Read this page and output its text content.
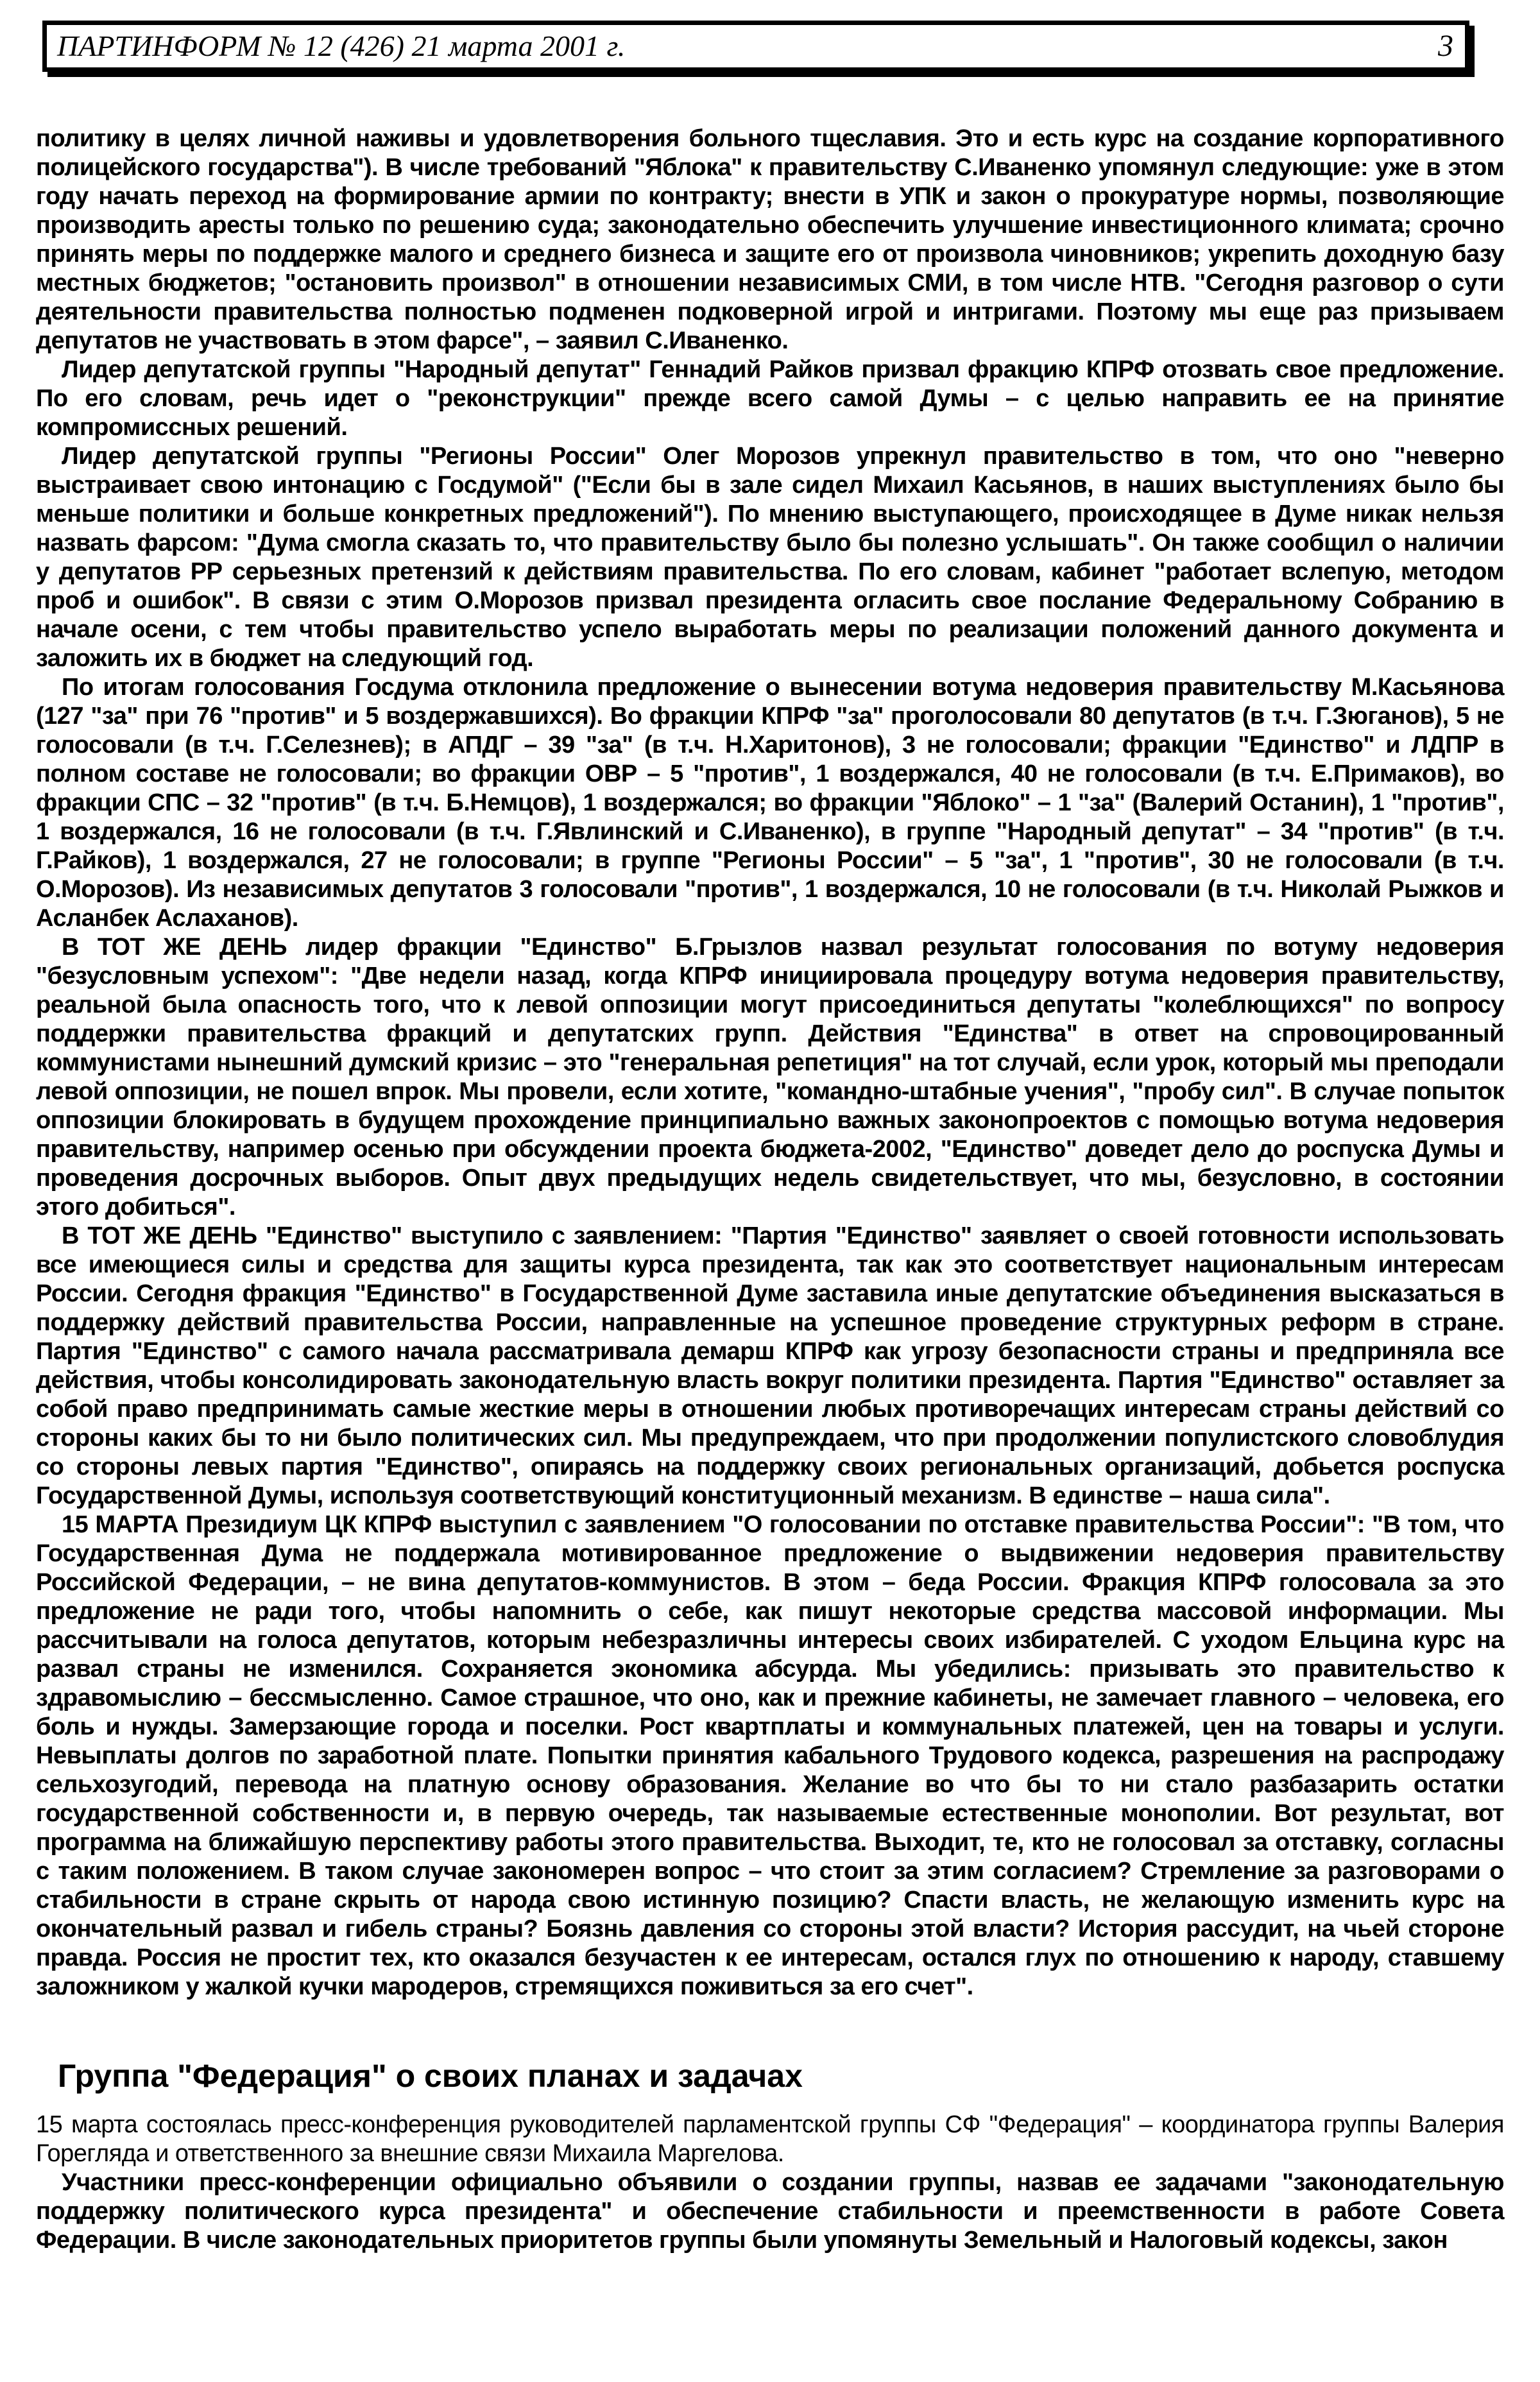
ПАРТИНФОРМ № 12 (426) 21 марта 2001 г.	3

политику в целях личной наживы и удовлетворения больного тщеславия. Это и есть курс на создание корпоративного полицейского государства"). В числе требований "Яблока" к правительству С.Иваненко упомянул следующие: уже в этом году начать переход на формирование армии по контракту; внести в УПК и закон о прокуратуре нормы, позволяющие производить аресты только по решению суда; законодательно обеспечить улучшение инвестиционного климата; срочно принять меры по поддержке малого и среднего бизнеса и защите его от произвола чиновников; укрепить доходную базу местных бюджетов; "остановить произвол" в отношении независимых СМИ, в том числе НТВ. "Сегодня разговор о сути деятельности правительства полностью подменен подковерной игрой и интригами. Поэтому мы еще раз призываем депутатов не участвовать в этом фарсе", – заявил С.Иваненко.

Лидер депутатской группы "Народный депутат" Геннадий Райков призвал фракцию КПРФ отозвать свое предложение. По его словам, речь идет о "реконструкции" прежде всего самой Думы – с целью направить ее на принятие компромиссных решений.

Лидер депутатской группы "Регионы России" Олег Морозов упрекнул правительство в том, что оно "неверно выстраивает свою интонацию с Госдумой" ("Если бы в зале сидел Михаил Касьянов, в наших выступлениях было бы меньше политики и больше конкретных предложений"). По мнению выступающего, происходящее в Думе никак нельзя назвать фарсом: "Дума смогла сказать то, что правительству было бы полезно услышать". Он также сообщил о наличии у депутатов РР серьезных претензий к действиям правительства. По его словам, кабинет "работает вслепую, методом проб и ошибок". В связи с этим О.Морозов призвал президента огласить свое послание Федеральному Собранию в начале осени, с тем чтобы правительство успело выработать меры по реализации положений данного документа и заложить их в бюджет на следующий год.

По итогам голосования Госдума отклонила предложение о вынесении вотума недоверия правительству М.Касьянова (127 "за" при 76 "против" и 5 воздержавшихся). Во фракции КПРФ "за" проголосовали 80 депутатов (в т.ч. Г.Зюганов), 5 не голосовали (в т.ч. Г.Селезнев); в АПДГ – 39 "за" (в т.ч. Н.Харитонов), 3 не голосовали; фракции "Единство" и ЛДПР в полном составе не голосовали; во фракции ОВР – 5 "против", 1 воздержался, 40 не голосовали (в т.ч. Е.Примаков), во фракции СПС – 32 "против" (в т.ч. Б.Немцов), 1 воздержался; во фракции "Яблоко" – 1 "за" (Валерий Останин), 1 "против", 1 воздержался, 16 не голосовали (в т.ч. Г.Явлинский и С.Иваненко), в группе "Народный депутат" – 34 "против" (в т.ч. Г.Райков), 1 воздержался, 27 не голосовали; в группе "Регионы России" – 5 "за", 1 "против", 30 не голосовали (в т.ч. О.Морозов). Из независимых депутатов 3 голосовали "против", 1 воздержался, 10 не голосовали (в т.ч. Николай Рыжков и Асланбек Аслаханов).

В ТОТ ЖЕ ДЕНЬ лидер фракции "Единство" Б.Грызлов назвал результат голосования по вотуму недоверия "безусловным успехом": "Две недели назад, когда КПРФ инициировала процедуру вотума недоверия правительству, реальной была опасность того, что к левой оппозиции могут присоединиться депутаты "колеблющихся" по вопросу поддержки правительства фракций и депутатских групп. Действия "Единства" в ответ на спровоцированный коммунистами нынешний думский кризис – это "генеральная репетиция" на тот случай, если урок, который мы преподали левой оппозиции, не пошел впрок. Мы провели, если хотите, "командно-штабные учения", "пробу сил". В случае попыток оппозиции блокировать в будущем прохождение принципиально важных законопроектов с помощью вотума недоверия правительству, например осенью при обсуждении проекта бюджета-2002, "Единство" доведет дело до роспуска Думы и проведения досрочных выборов. Опыт двух предыдущих недель свидетельствует, что мы, безусловно, в состоянии этого добиться".

В ТОТ ЖЕ ДЕНЬ "Единство" выступило с заявлением: "Партия "Единство" заявляет о своей готовности использовать все имеющиеся силы и средства для защиты курса президента, так как это соответствует национальным интересам России. Сегодня фракция "Единство" в Государственной Думе заставила иные депутатские объединения высказаться в поддержку действий правительства России, направленные на успешное проведение структурных реформ в стране. Партия "Единство" с самого начала рассматривала демарш КПРФ как угрозу безопасности страны и предприняла все действия, чтобы консолидировать законодательную власть вокруг политики президента. Партия "Единство" оставляет за собой право предпринимать самые жесткие меры в отношении любых противоречащих интересам страны действий со стороны каких бы то ни было политических сил. Мы предупреждаем, что при продолжении популистского словоблудия со стороны левых партия "Единство", опираясь на поддержку своих региональных организаций, добьется роспуска Государственной Думы, используя соответствующий конституционный механизм. В единстве – наша сила".

15 МАРТА Президиум ЦК КПРФ выступил с заявлением "О голосовании по отставке правительства России": "В том, что Государственная Дума не поддержала мотивированное предложение о выдвижении недоверия правительству Российской Федерации, – не вина депутатов-коммунистов. В этом – беда России. Фракция КПРФ голосовала за это предложение не ради того, чтобы напомнить о себе, как пишут некоторые средства массовой информации. Мы рассчитывали на голоса депутатов, которым небезразличны интересы своих избирателей. С уходом Ельцина курс на развал страны не изменился. Сохраняется экономика абсурда. Мы убедились: призывать это правительство к здравомыслию – бессмысленно. Самое страшное, что оно, как и прежние кабинеты, не замечает главного – человека, его боль и нужды. Замерзающие города и поселки. Рост квартплаты и коммунальных платежей, цен на товары и услуги. Невыплаты долгов по заработной плате. Попытки принятия кабального Трудового кодекса, разрешения на распродажу сельхозугодий, перевода на платную основу образования. Желание во что бы то ни стало разбазарить остатки государственной собственности и, в первую очередь, так называемые естественные монополии. Вот результат, вот программа на ближайшую перспективу работы этого правительства. Выходит, те, кто не голосовал за отставку, согласны с таким положением. В таком случае закономерен вопрос – что стоит за этим согласием? Стремление за разговорами о стабильности в стране скрыть от народа свою истинную позицию? Спасти власть, не желающую изменить курс на окончательный развал и гибель страны? Боязнь давления со стороны этой власти? История рассудит, на чьей стороне правда. Россия не простит тех, кто оказался безучастен к ее интересам, остался глух по отношению к народу, ставшему заложником у жалкой кучки мародеров, стремящихся поживиться за его счет".

Группа "Федерация" о своих планах и задачах

15 марта состоялась пресс-конференция руководителей парламентской группы СФ "Федерация" – координатора группы Валерия Горегляда и ответственного за внешние связи Михаила Маргелова.

Участники пресс-конференции официально объявили о создании группы, назвав ее задачами "законодательную поддержку политического курса президента" и обеспечение стабильности и преемственности в работе Совета Федерации. В числе законодательных приоритетов группы были упомянуты Земельный и Налоговый кодексы, закон
